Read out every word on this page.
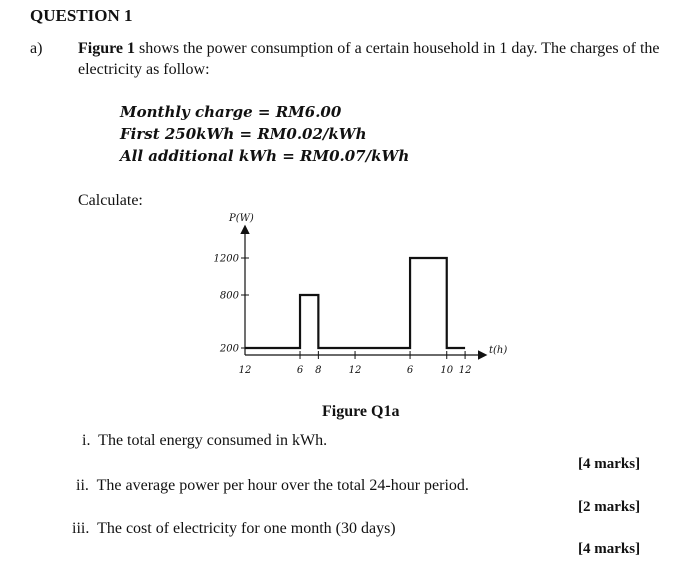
QUESTION 1
a) Figure 1 shows the power consumption of a certain household in 1 day. The charges of the electricity as follow:
Monthly charge = RM6.00
First 250kWh = RM0.02/kWh
All additional kWh = RM0.07/kWh
Calculate:
P(W)
t(h)
200
800
1200
12	6 8	12	6	10 12
Figure Q1a
i. The total energy consumed in kWh.
[4 marks]
ii. The average power per hour over the total 24-hour period.
[2 marks]
iii. The cost of electricity for one month (30 days)
[4 marks]
